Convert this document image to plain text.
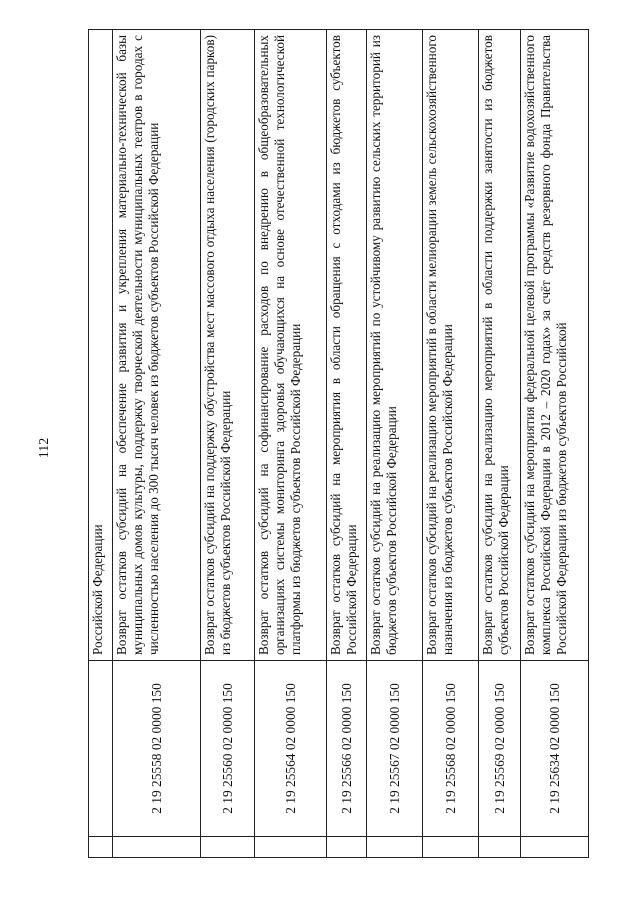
112
		Российской Федерации
	2 19 25558 02 0000 150	Возврат остатков субсидий на обеспечение развития и укрепления материально-технической базы муниципальных домов культуры, поддержку творческой деятельности муниципальных театров в городах с численностью населения до 300 тысяч человек из бюджетов субъектов Российской Федерации
	2 19 25560 02 0000 150	Возврат остатков субсидий на поддержку обустройства мест массового отдыха населения (городских парков) из бюджетов субъектов Российской Федерации
	2 19 25564 02 0000 150	Возврат остатков субсидий на софинансирование расходов по внедрению в общеобразовательных организациях системы мониторинга здоровья обучающихся на основе отечественной технологической платформы из бюджетов субъектов Российской Федерации
	2 19 25566 02 0000 150	Возврат остатков субсидий на мероприятия в области обращения с отходами из бюджетов субъектов Российской Федерации
	2 19 25567 02 0000 150	Возврат остатков субсидий на реализацию мероприятий по устойчивому развитию сельских территорий из бюджетов субъектов Российской Федерации
	2 19 25568 02 0000 150	Возврат остатков субсидий на реализацию мероприятий в области мелиорации земель сельскохозяйственного назначения из бюджетов субъектов Российской Федерации
	2 19 25569 02 0000 150	Возврат остатков субсидии на реализацию мероприятий в области поддержки занятости из бюджетов субъектов Российской Федерации
	2 19 25634 02 0000 150	Возврат остатков субсидий на мероприятия федеральной целевой программы «Развитие водохозяйственного комплекса Российской Федерации в 2012 – 2020 годах» за счёт средств резервного фонда Правительства Российской Федерации из бюджетов субъектов Российской
